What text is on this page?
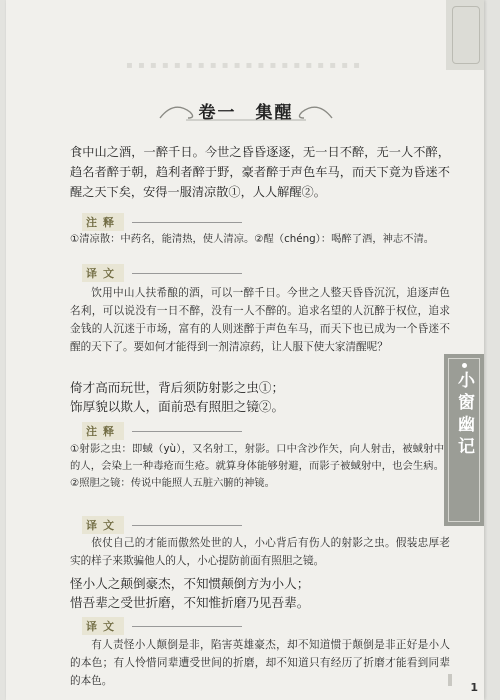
▪ ▪ ▪ ▪ ▪ ▪ ▪ ▪ ▪ ▪ ▪ ▪ ▪ ▪ ▪ ▪ ▪ ▪ ▪ ▪
卷一　集醒
食中山之酒，一醉千日。今世之昏昏逐逐，无一日不醉，无一人不醉，趋名者醉于朝，趋利者醉于野，豪者醉于声色车马，而天下竟为昏迷不醒之天下矣，安得一服清凉散①，人人解醒②。
注释
①清凉散：中药名，能清热，使人清凉。②酲（chéng）：喝醉了酒，神志不清。
译文
饮用中山人扶希酿的酒，可以一醉千日。今世之人整天昏昏沉沉，追逐声色名利，可以说没有一日不醉，没有一人不醉的。追求名望的人沉醉于权位，追求金钱的人沉迷于市场，富有的人则迷醉于声色车马，而天下也已成为一个昏迷不醒的天下了。要如何才能得到一剂清凉药，让人服下使大家清醒呢？
倚才高而玩世，背后须防射影之虫①；
饰厚貌以欺人，面前恐有照胆之镜②。
注释
①射影之虫：即蜮（yù），又名射工，射影。口中含沙作矢，向人射击，被蜮射中的人，会染上一种毒疮而生疮。就算身体能够射避，而影子被蜮射中，也会生病。②照胆之镜：传说中能照人五脏六腑的神镜。
译文
依仗自己的才能而傲然处世的人，小心背后有伤人的射影之虫。假装忠厚老实的样子来欺骗他人的人，小心提防前面有照胆之镜。
怪小人之颠倒豪杰，不知惯颠倒方为小人；
惜吾辈之受世折磨，不知惟折磨乃见吾辈。
译文
有人责怪小人颠倒是非，陷害英雄豪杰，却不知道惯于颠倒是非正好是小人的本色；有人怜惜同辈遭受世间的折磨，却不知道只有经历了折磨才能看到同辈的本色。
小窗幽记
1
